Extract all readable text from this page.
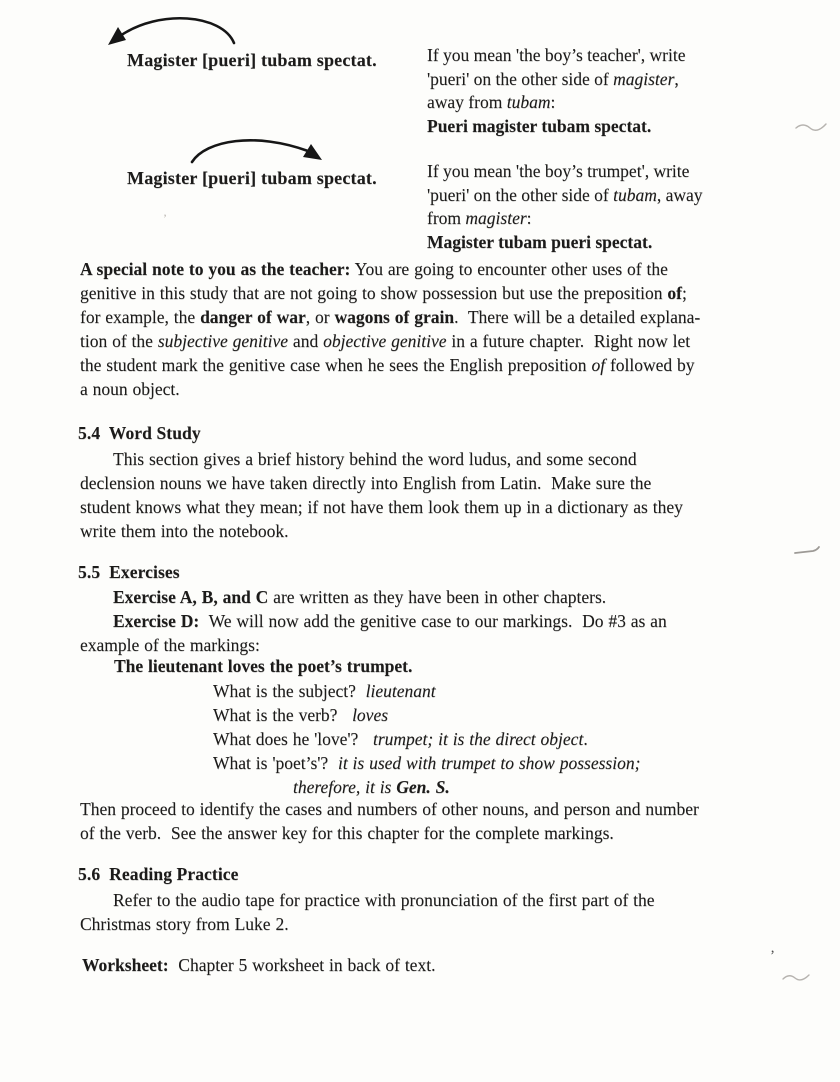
Magister [pueri] tubam spectat.	If you mean 'the boy’s teacher', write
'pueri' on the other side of magister,
away from tubam:
Pueri magister tubam spectat.
Magister [pueri] tubam spectat.	If you mean 'the boy’s trumpet', write
'pueri' on the other side of tubam, away
from magister:
Magister tubam pueri spectat.
A special note to you as the teacher: You are going to encounter other uses of the
genitive in this study that are not going to show possession but use the preposition of;
for example, the danger of war, or wagons of grain.  There will be a detailed explana-
tion of the subjective genitive and objective genitive in a future chapter.  Right now let
the student mark the genitive case when he sees the English preposition of followed by
a noun object.
5.4  Word Study
This section gives a brief history behind the word ludus, and some second
declension nouns we have taken directly into English from Latin.  Make sure the
student knows what they mean; if not have them look them up in a dictionary as they
write them into the notebook.
5.5  Exercises
Exercise A, B, and C are written as they have been in other chapters.
Exercise D:  We will now add the genitive case to our markings.  Do #3 as an
example of the markings:
The lieutenant loves the poet’s trumpet.
What is the subject?  lieutenant
What is the verb?   loves
What does he 'love'?   trumpet; it is the direct object.
What is 'poet’s'?  it is used with trumpet to show possession;
therefore, it is Gen. S.
Then proceed to identify the cases and numbers of other nouns, and person and number
of the verb.  See the answer key for this chapter for the complete markings.
5.6  Reading Practice
Refer to the audio tape for practice with pronunciation of the first part of the
Christmas story from Luke 2.
Worksheet:  Chapter 5 worksheet in back of text.	’
’
